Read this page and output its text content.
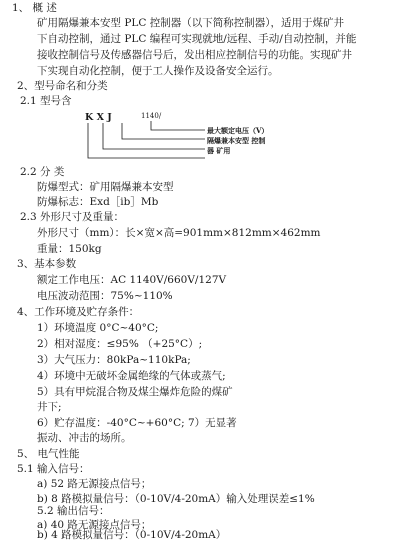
1、 概 述
矿用隔爆兼本安型 PLC 控制器（以下简称控制器），适用于煤矿井
下自动控制，通过 PLC 编程可实现就地/远程、手动/自动控制，并能
接收控制信号及传感器信号后，发出相应控制信号的功能。实现矿井
下实现自动化控制，便于工人操作及设备安全运行。
2、型号命名和分类
2.1 型号含
K X J	1140/
最大额定电压（V）
隔爆兼本安型 控制
器 矿用
2.2 分 类
防爆型式：矿用隔爆兼本安型
防爆标志：Exd［ib］Mb
2.3 外形尺寸及重量：
外形尺寸（mm）：长×宽×高=901mm×812mm×462mm
重量：150kg
3、基本参数
额定工作电压：AC 1140V/660V/127V
电压波动范围：75%~110%
4、工作环境及贮存条件：
1）环境温度 0°C~40°C;
2）相对湿度：≤95% （+25°C）;
3）大气压力：80kPa~110kPa;
4）环境中无破坏金属绝缘的气体或蒸气;
5）具有甲烷混合物及煤尘爆炸危险的煤矿
井下;
6）贮存温度：-40°C~+60°C; 7）无显著
振动、冲击的场所。
5、 电气性能
5.1 输入信号：
a) 52 路无源接点信号；
b) 8 路模拟量信号：（0-10V/4-20mA）输入处理误差≤1%
5.2 输出信号：
a) 40 路无源接点信号；
b) 4 路模拟量信号：（0-10V/4-20mA）
